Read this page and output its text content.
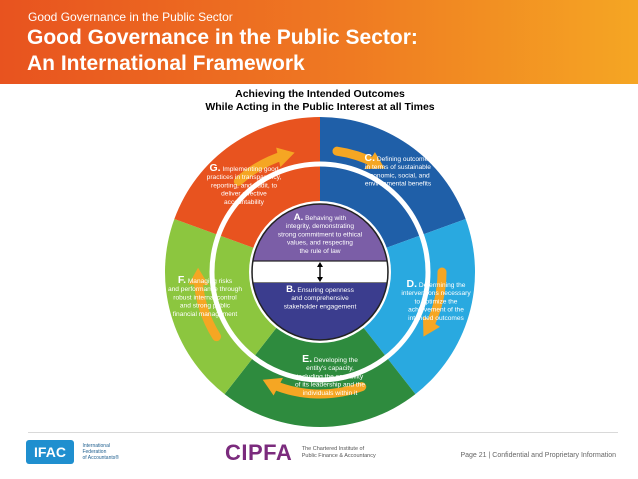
Good Governance in the Public Sector
Good Governance in the Public Sector:
An International Framework
Achieving the Intended Outcomes
While Acting in the Public Interest at all Times
G. Implementing good practices in transparency, reporting, and audit, to deliver effective accountability
C. Defining outcomes in terms of sustainable economic, social, and environmental benefits
D. Determining the interventions necessary to optimize the achievement of the intended outcomes
E. Developing the entity's capacity, including the capability of its leadership and the individuals within it
F. Managing risks and performance through robust internal control and strong public financial management
A. Behaving with integrity, demonstrating strong commitment to ethical values, and respecting the rule of law
B. Ensuring openness and comprehensive stakeholder engagement
IFAC	International
Federation
of Accountants®	CIPFA The Chartered Institute of
Public Finance & Accountancy	Page 21 | Confidential and Proprietary Information
